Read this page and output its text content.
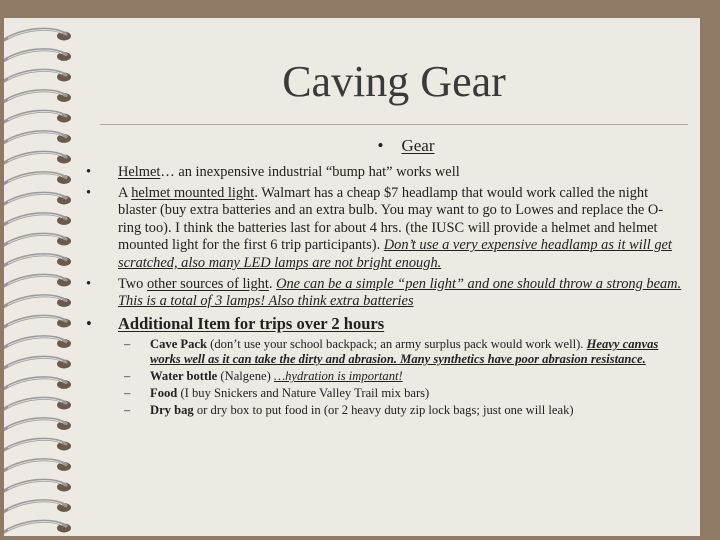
Caving Gear
• Gear
• Helmet… an inexpensive industrial “bump hat” works well
• A helmet mounted light. Walmart has a cheap $7 headlamp that would work called the night blaster (buy extra batteries and an extra bulb. You may want to go to Lowes and replace the O-ring too). I think the batteries last for about 4 hrs. (the IUSC will provide a helmet and helmet mounted light for the first 6 trip participants). Don’t use a very expensive headlamp as it will get scratched, also many LED lamps are not bright enough.
• Two other sources of light. One can be a simple “pen light” and one should throw a strong beam. This is a total of 3 lamps! Also think extra batteries
• Additional Item for trips over 2 hours
– Cave Pack (don’t use your school backpack; an army surplus pack would work well). Heavy canvas works well as it can take the dirty and abrasion. Many synthetics have poor abrasion resistance.
– Water bottle (Nalgene) …hydration is important!
– Food (I buy Snickers and Nature Valley Trail mix bars)
– Dry bag or dry box to put food in (or 2 heavy duty zip lock bags; just one will leak)
